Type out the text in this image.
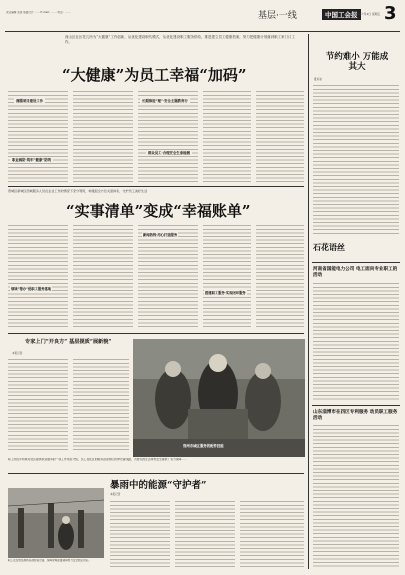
责任编辑 张旭 版面设计 …… E-mail：…… 电话：……	基层·一线	中国工会报
2025年7月4日 星期五 3
西山区社区托儿所为“大健康”工作创新，从优化建设职代模式，从优化建设职工服务供给，推进建立员工健康档案，努力把健康计划落到职工家门口工作。
“大健康”为员工幸福“加码”
商圈项目建设工作
职业病防·筑牢“健康”防线
长期推进“理”·安全主题教育行
群众员工·合理安全生命检测
西城区新城区西城服务人员在企业工作的情况下充分利用，构建起全方位关爱体系，守护员工美好生活
“实事清单”变成“幸福账单”
领域“帮办”促职工服务落地
新闻热线·用心打造服务
搭建职工服务·实现闭环服务
节约难小 万能成其大
夏东旭
石花语丝
河南省国能电力公司 电工面向专业职工的活动
山东淄博市在四区专利服务 动员职工服务活动
专家上门“开良方” 基层提质“展新貌”
本报记者
郑州市城区服务的配件技能
职工向近年积极对社区提供职业服务的一项工作项目介绍，员工在社区的服务站里细心检修设备线路，为居民的生活用电安全提供了有力保障……
暴雨中的能源“守护者”
本报记者
职工在变电站现场巡视检查设备，保障迎峰度夏期间电力安全稳定供应。
